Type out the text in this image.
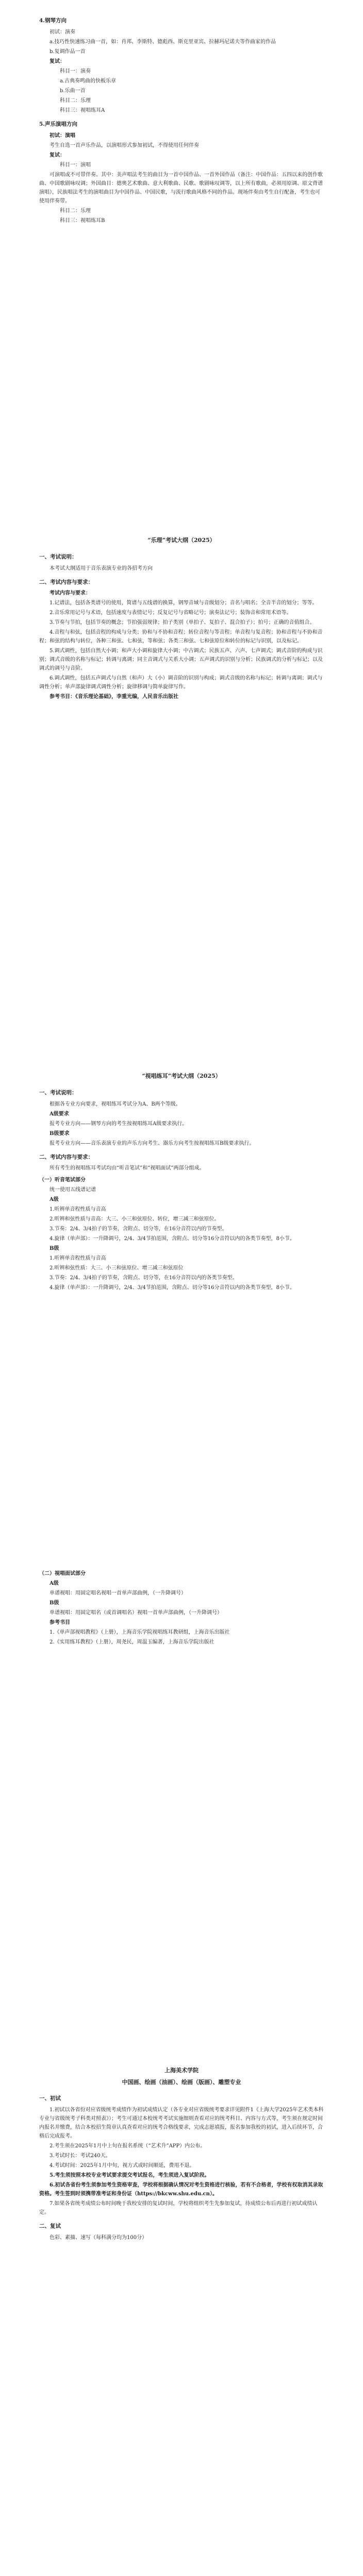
4.钢琴方向
初试：演奏
a.技巧性快速练习曲一首，如：肖邦、李斯特、德彪西、斯克里亚宾、拉赫玛尼诺夫等作曲家的作品
b.复调作品一首
复试：
科目一：演奏
a.古典奏鸣曲的快板乐章
b.乐曲一首
科目二：乐理
科目三：视唱练耳A
5.声乐演唱方向
初试：演唱
考生自选一首声乐作品，以演唱形式参加初试，不得使用任何伴奏
复试：
科目一：演唱
可演唱或不可带伴奏。其中：美声唱法考生的曲目为一首中国作品、一首外国作品（备注：中国作品：五四以来的创作歌曲、中国歌剧咏叹调；外国曲目：德奥艺术歌曲、意大利歌曲、民歌、歌剧咏叹调等，以上所有歌曲，必须用原调、原文背谱演唱），民族唱法考生的演唱曲目为中国作品、中国民歌，与流行歌曲风格不同的作品。现场伴奏由考生自行配备，考生也可使用伴奏带。
科目二：乐理
科目三：视唱练耳B
“乐理”考试大纲（2025）
一、考试说明：
本考试大纲适用于音乐表演专业的各招考方向
二、考试内容与要求：
考试内容与要求：
1.记谱法，包括各类谱号的使用，简谱与五线谱的换算，钢琴音域与音级划分；音名与唱名；全音半音的划分；等等。
2.音乐常用记号与术语，包括速度与表情记号；反复记号与省略记号；演奏法记号；装饰音和常用术语等。
3.节奏与节拍，包括节奏的概念；节拍强弱规律；拍子类别（单拍子、复拍子、混合拍子）；拍号；正确的音值组合。
4.音程与和弦，包括音程的构成与分类；协和与不协和音程；转位音程与等音程；单音程与复音程；协和音程与不协和音程；和弦的结构与转位，各种三和弦、七和弦，等和弦；各类三和弦、七和弦原位和转位的标记与识别，以及标记。
5.调式调性，包括自然大小调；和声大小调和旋律大小调；中古调式；民族五声、六声、七声调式；调式音阶的构成与识别；调式音级的名称与标记；转调与离调；同主音调式与关系大小调；五声调式的识别与分析；民族调式的分析与标记；以及调式的调号与音阶。
6.调式调性，包括五声调式与自然（和声）大（小）调音阶的识别与构成；调式音级的名称与标记；转调与离调；调式与调性分析；单声部旋律调式调性分析；旋律移调与简单旋律写作。
参考书目：《音乐理论基础》，李重光编，人民音乐出版社
“视唱练耳”考试大纲（2025）
一、考试说明：
根据各专业方向要求，视唱练耳考试分为A、B两个等级。
A级要求
报考专业方向——钢琴方向的考生按视唱练耳A级要求执行。
B级要求
报考专业方向——音乐表演专业的声乐方向考生、器乐方向考生按视唱练耳B级要求执行。
二、考试内容与要求：
所有考生的视唱练耳考试均由“听音笔试”和“视唱面试”两部分组成。
（一）听音笔试部分
统一使用五线谱记谱
A级
1.听辨单音程性质与音高
2.听辨和弦性质与音高：大三、小三和弦原位、转位，增三减三和弦原位。
3.节奏：2/4、3/4拍子的节奏，含附点、切分等，在16分音符以内的节奏型。
4.旋律（单声部）：一升降调号，2/4、3/4节拍范围，含附点、切分等16分音符以内的各类节奏型，8小节。
B级
1.听辨单音程性质与音高
2.听辨和弦性质：大三、小三和弦原位、增三减三和弦原位
3.节奏：2/4、3/4拍子的节奏，含附点、切分等，在16分音符以内的各类节奏型。
4.旋律（单声部）：一升降调号，2/4、3/4节拍范围，含附点、切分等16分音符以内的各类节奏型，8小节。
（二）视唱面试部分
A级
单谱视唱：用固定唱名视唱一首单声部曲例，（一升降调号）
B级
单谱视唱：用固定唱名（或首调唱名）视唱一首单声部曲例，（一升降调号）
参考书目
1.《单声部视唱教程》（上册），上海音乐学院视唱练耳教研组，上海音乐出版社
2.《实用练耳教程》（上册），周尧民，周温玉编著，上海音乐学院出版社
上海美术学院
中国画、绘画（油画）、绘画（版画）、雕塑专业
一、初试
1.初试以各省份对应省级统考成绩作为初试成绩认定（各专业对应省级统考要求详见附件1《上海大学2025年艺术类本科专业与省级统考子科类对照表》）；考生可通过本校统考考试实施细则查看对应的统考科目、内容与方式等，考生须在规定时间内报名并缴费，结合本校招生简章认真查看对应的统考合格线要求，完成志愿填报，报名参加我校的初试，进入后续环节，合格后完成报考。
2.考生须在2025年1月中上旬在报名系统（“艺术升”APP）内公布。
3.考试时长：考试240天。
4.考试时间：2025年1月中旬，视方式或时间顺延，费用不退。
5.考生须按照本校专业考试要求提交考试报名，考生须进入复试阶段。
6.初试各省份考生须参加考生资格审查，学校将根据确认情况对考生资格进行核验，若有不合格者，学校有权取消其录取资格。考生签到时须携带准考证和身份证（https://bkcww.shu.edu.cn）。
7.如果各省统考成绩公布时间晚于我校安排的复试时间，学校将组织考生先参加复试，待成绩公布后再进行初试成绩认定。
二、复试
色彩、素描、速写（每科满分均为100分）
